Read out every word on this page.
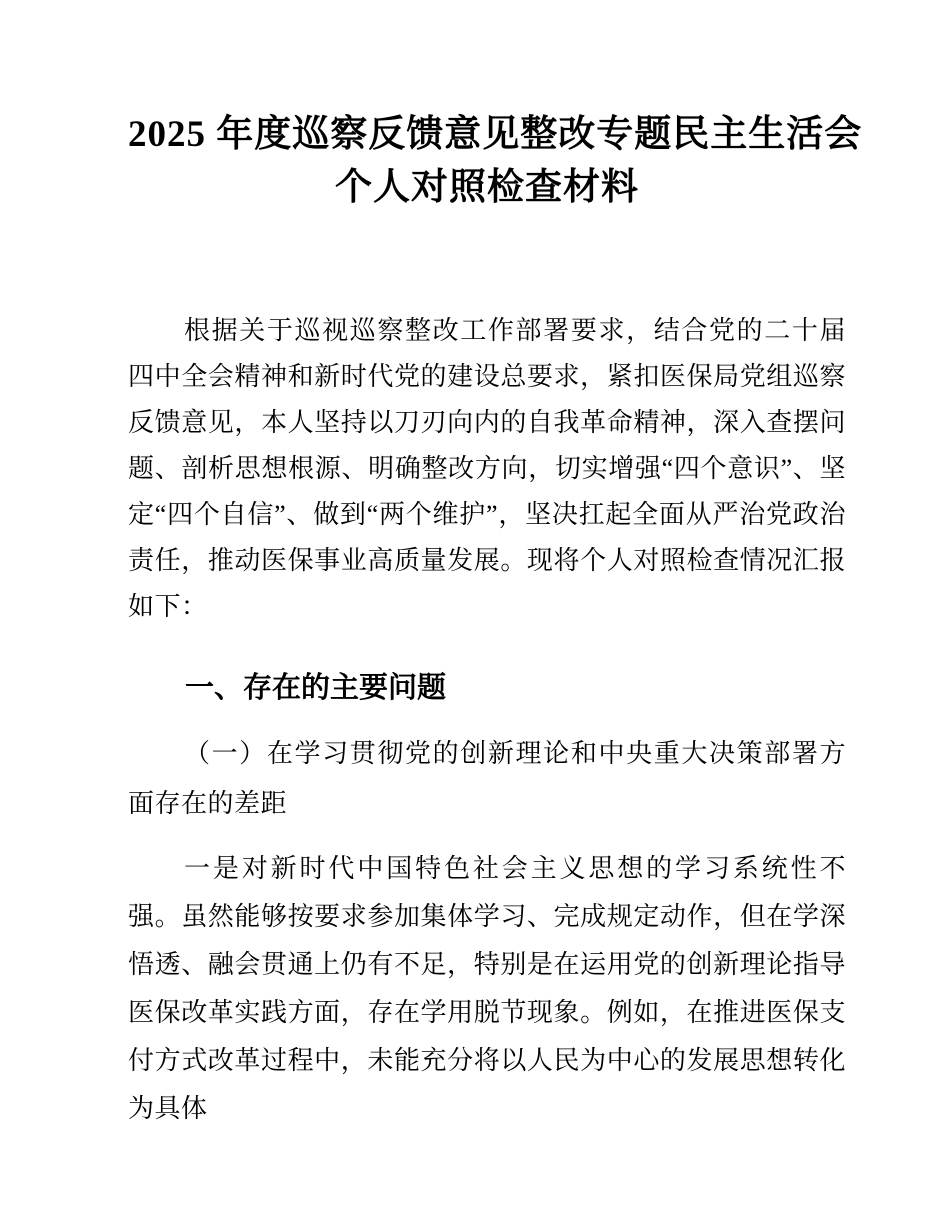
2025 年度巡察反馈意见整改专题民主生活会
个人对照检查材料

根据关于巡视巡察整改工作部署要求，结合党的二十届四中全会精神和新时代党的建设总要求，紧扣医保局党组巡察反馈意见，本人坚持以刀刃向内的自我革命精神，深入查摆问题、剖析思想根源、明确整改方向，切实增强“四个意识”、坚定“四个自信”、做到“两个维护”，坚决扛起全面从严治党政治责任，推动医保事业高质量发展。现将个人对照检查情况汇报如下：

一、存在的主要问题
（一）在学习贯彻党的创新理论和中央重大决策部署方面存在的差距

一是对新时代中国特色社会主义思想的学习系统性不强。虽然能够按要求参加集体学习、完成规定动作，但在学深悟透、融会贯通上仍有不足，特别是在运用党的创新理论指导医保改革实践方面，存在学用脱节现象。例如，在推进医保支付方式改革过程中，未能充分将以人民为中心的发展思想转化为具体
